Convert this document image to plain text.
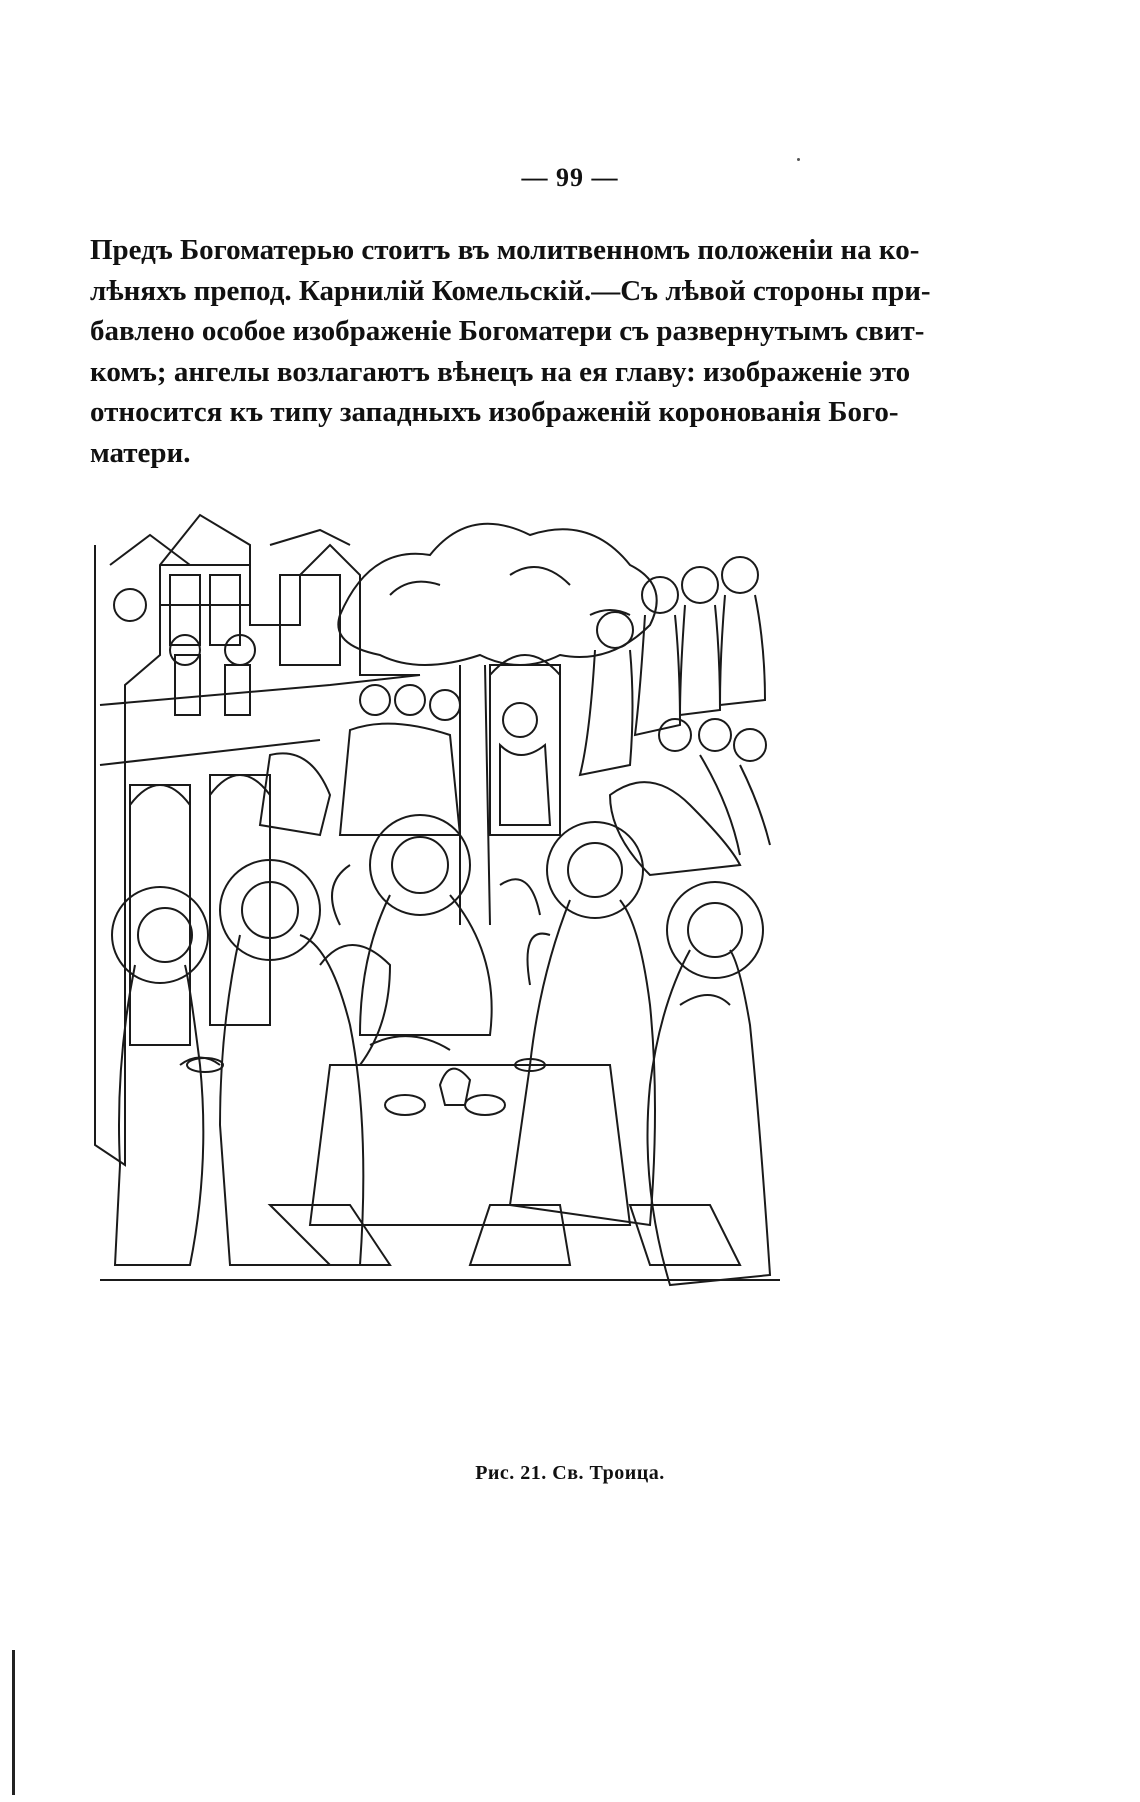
— 99 —
Предъ Богоматерью стоитъ въ молитвенномъ положенiи на ко-
лѣняхъ препод. Карнилiй Комельскiй.—Съ лѣвой стороны при-
бавлено особое изображенiе Богоматери съ развернутымъ свит-
комъ; ангелы возлагаютъ вѣнецъ на ея главу: изображенiе это
относится къ типу западныхъ изображенiй коронованiя Бого-
матери.
Рис. 21. Св. Троица.
